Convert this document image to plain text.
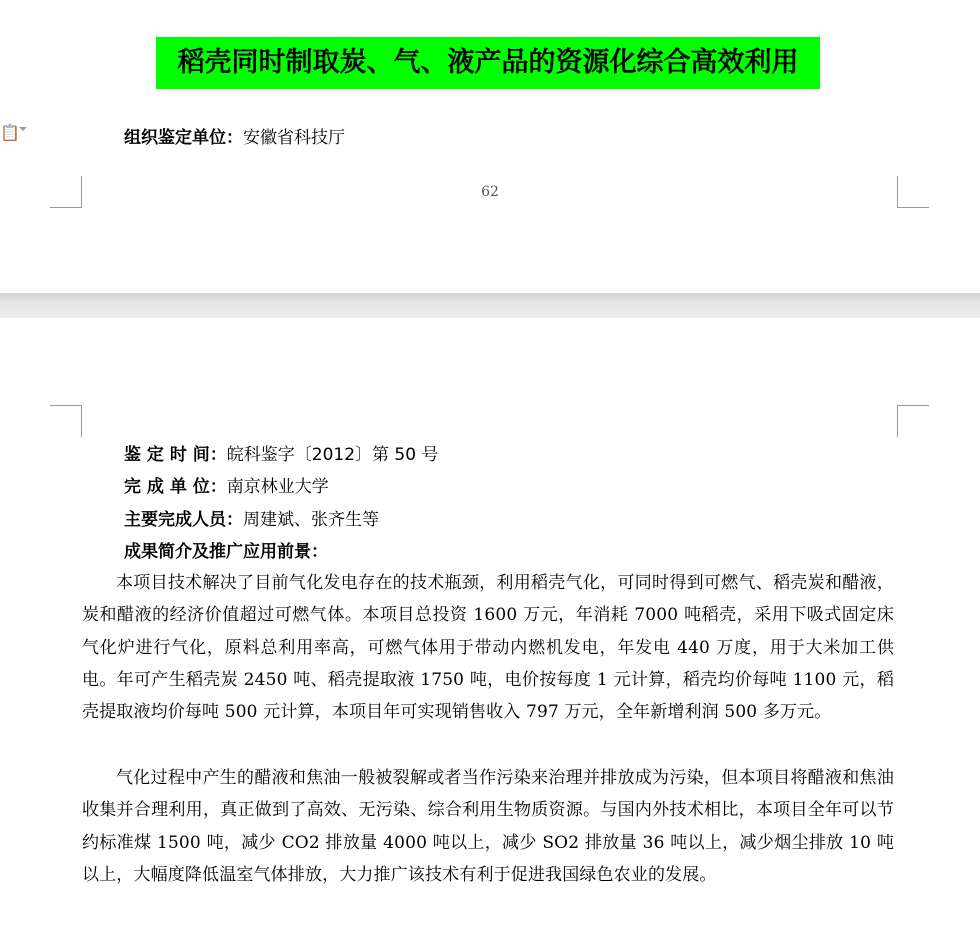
稻壳同时制取炭、气、液产品的资源化综合高效利用
📋	组织鉴定单位：安徽省科技厅
62
鉴 定 时 间：皖科鉴字〔2012〕第 50 号
完 成 单 位：南京林业大学
主要完成人员：周建斌、张齐生等
成果简介及推广应用前景：

本项目技术解决了目前气化发电存在的技术瓶颈，利用稻壳气化，可同时得到可燃气、稻壳炭和醋液，炭和醋液的经济价值超过可燃气体。本项目总投资 1600 万元，年消耗 7000 吨稻壳，采用下吸式固定床气化炉进行气化，原料总利用率高，可燃气体用于带动内燃机发电，年发电 440 万度，用于大米加工供电。年可产生稻壳炭 2450 吨、稻壳提取液 1750 吨，电价按每度 1 元计算，稻壳均价每吨 1100 元，稻壳提取液均价每吨 500 元计算，本项目年可实现销售收入 797 万元，全年新增利润 500 多万元。

气化过程中产生的醋液和焦油一般被裂解或者当作污染来治理并排放成为污染，但本项目将醋液和焦油收集并合理利用，真正做到了高效、无污染、综合利用生物质资源。与国内外技术相比，本项目全年可以节约标准煤 1500 吨，减少 CO2 排放量 4000 吨以上，减少 SO2 排放量 36 吨以上，减少烟尘排放 10 吨以上，大幅度降低温室气体排放，大力推广该技术有利于促进我国绿色农业的发展。
